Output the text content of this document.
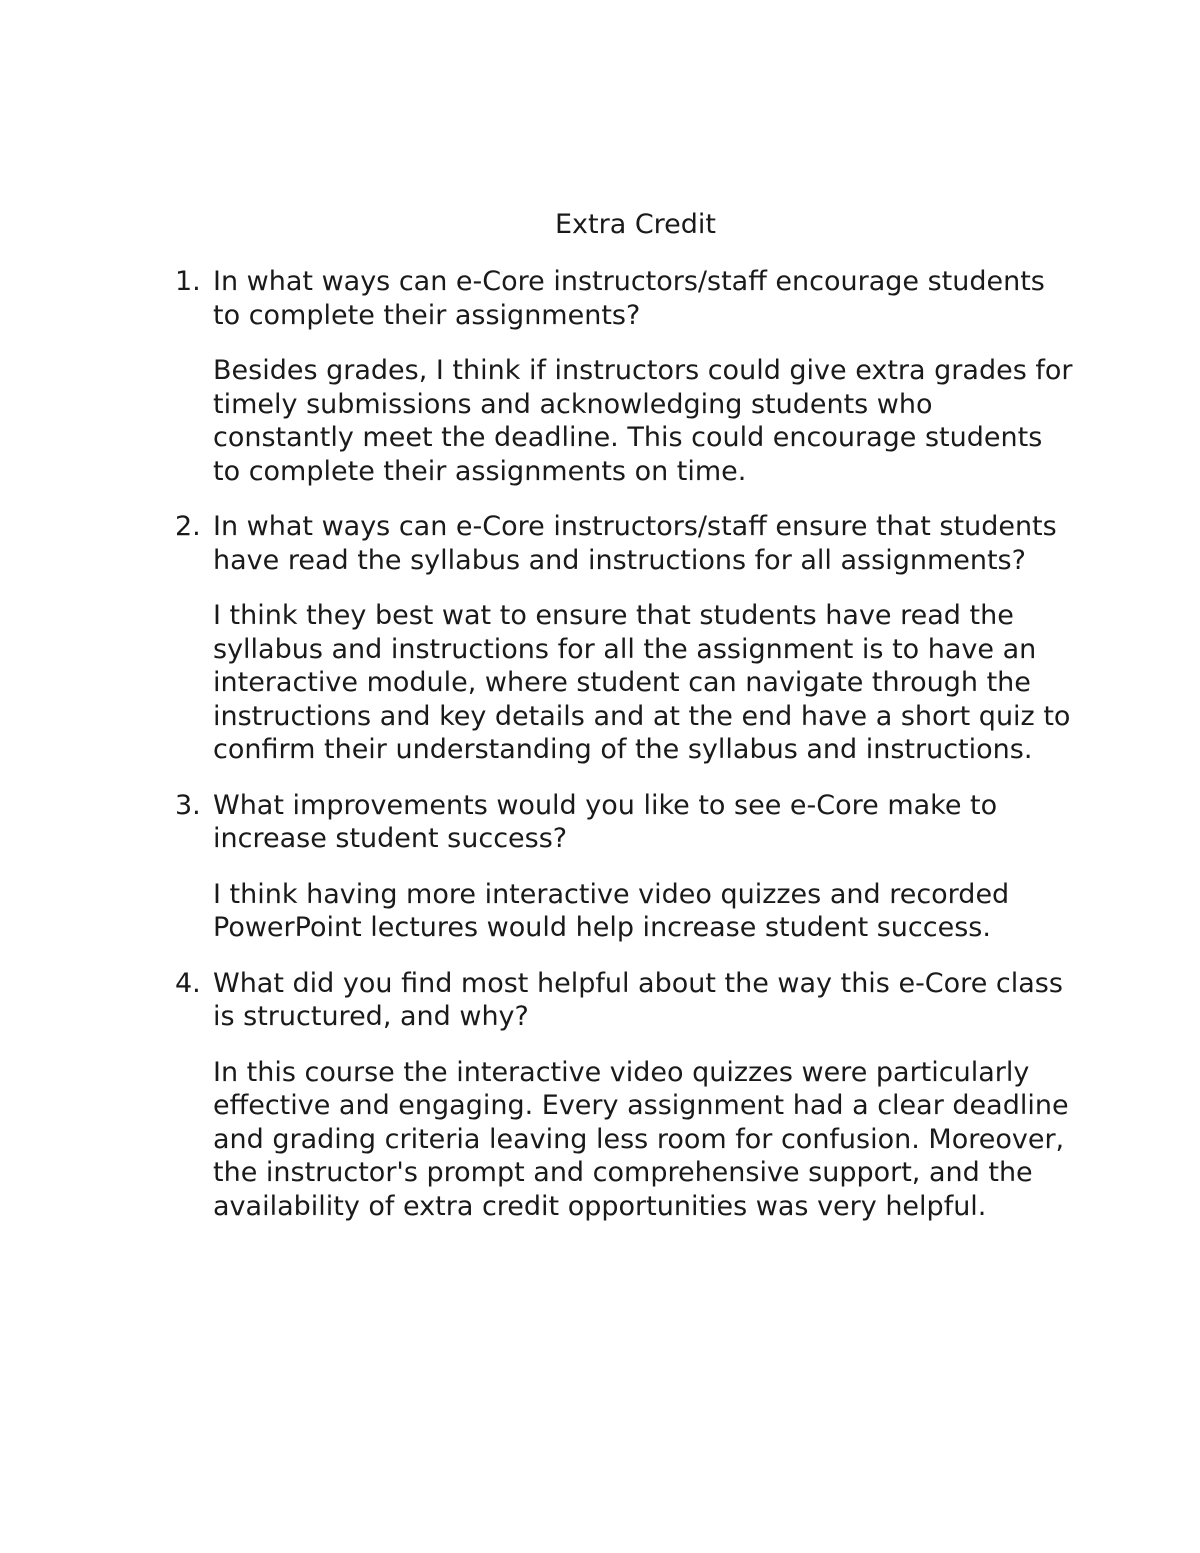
Extra Credit
1. In what ways can e-Core instructors/staff encourage students to complete their assignments?

Besides grades, I think if instructors could give extra grades for timely submissions and acknowledging students who constantly meet the deadline. This could encourage students to complete their assignments on time.

2. In what ways can e-Core instructors/staff ensure that students have read the syllabus and instructions for all assignments?

I think they best wat to ensure that students have read the syllabus and instructions for all the assignment is to have an interactive module, where student can navigate through the instructions and key details and at the end have a short quiz to confirm their understanding of the syllabus and instructions.

3. What improvements would you like to see e-Core make to increase student success?

I think having more interactive video quizzes and recorded PowerPoint lectures would help increase student success.

4. What did you find most helpful about the way this e-Core class is structured, and why?

In this course the interactive video quizzes were particularly effective and engaging. Every assignment had a clear deadline and grading criteria leaving less room for confusion. Moreover, the instructor's prompt and comprehensive support, and the availability of extra credit opportunities was very helpful.
